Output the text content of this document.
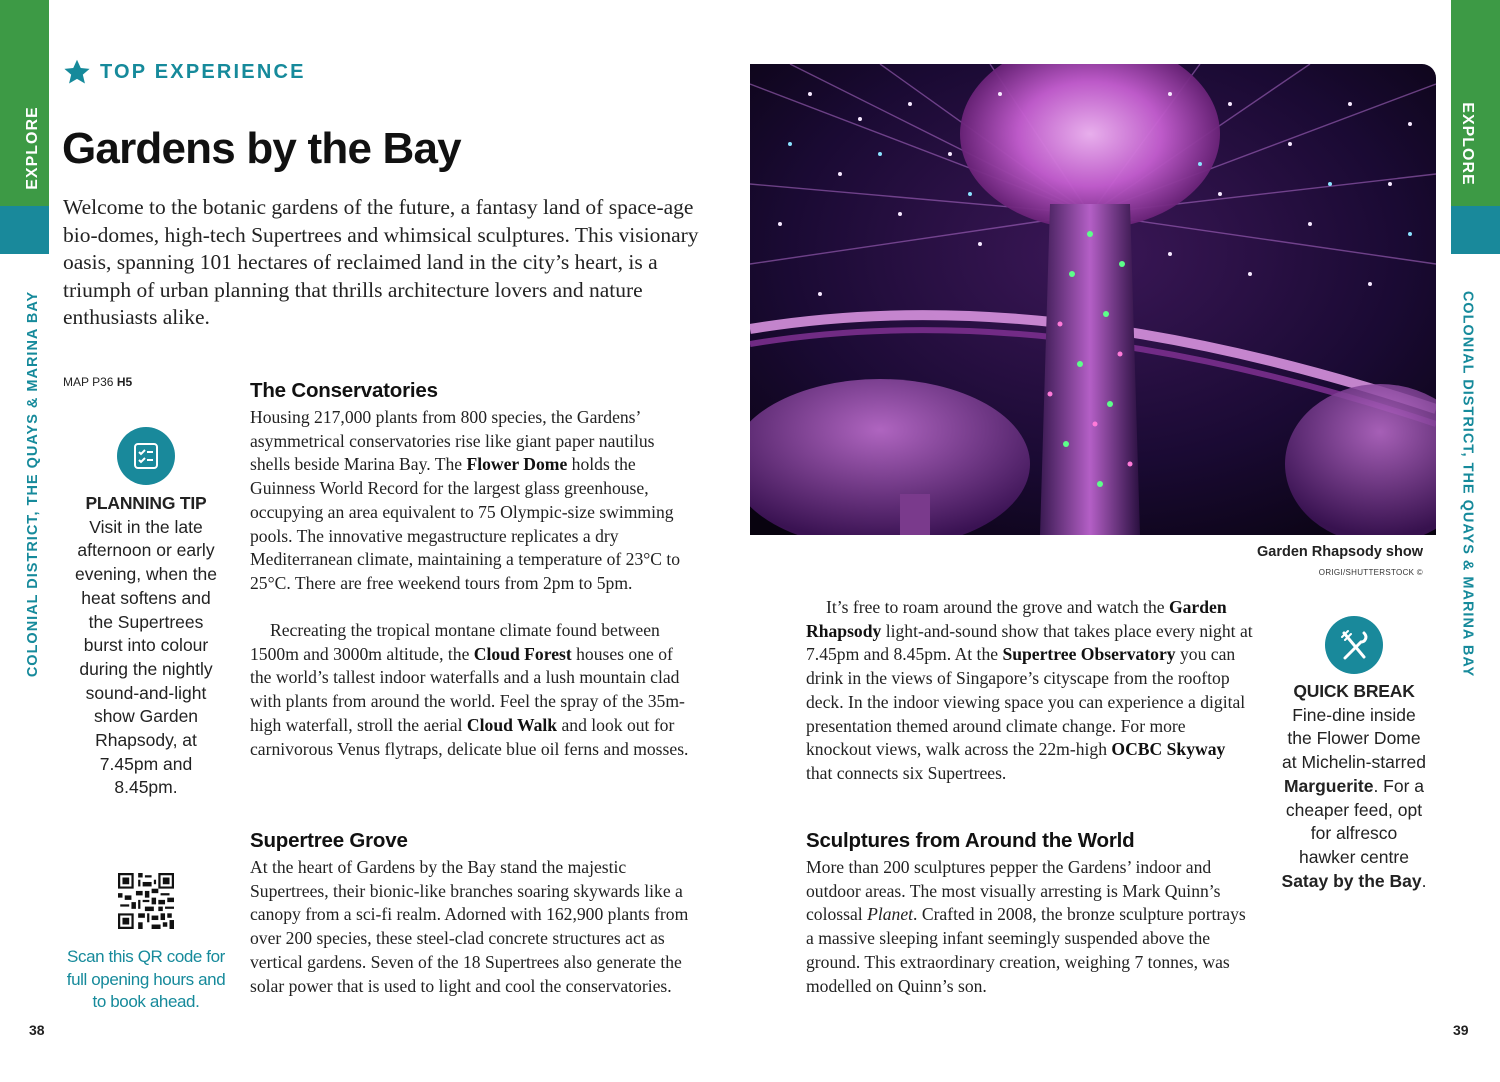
EXPLORE
COLONIAL DISTRICT, THE QUAYS & MARINA BAY
38
TOP EXPERIENCE
Gardens by the Bay

Welcome to the botanic gardens of the future, a fantasy land of space-age bio-domes, high-tech Supertrees and whimsical sculptures. This visionary oasis, spanning 101 hectares of reclaimed land in the city’s heart, is a triumph of urban planning that thrills architecture lovers and nature enthusiasts alike.

MAP P36 H5
PLANNING TIP
Visit in the late afternoon or early evening, when the heat softens and the Supertrees burst into colour during the nightly sound-and-light show Garden Rhapsody, at 7.45pm and 8.45pm.
Scan this QR code for full opening hours and to book ahead.
The Conservatories

Housing 217,000 plants from 800 species, the Gardens’ asymmetrical conservatories rise like giant paper nautilus shells beside Marina Bay. The Flower Dome holds the Guinness World Record for the largest glass greenhouse, occupying an area equivalent to 75 Olympic-size swimming pools. The innovative megastructure replicates a dry Mediterranean climate, maintaining a temperature of 23°C to 25°C. There are free weekend tours from 2pm to 5pm.

Recreating the tropical montane climate found between 1500m and 3000m altitude, the Cloud Forest houses one of the world’s tallest indoor waterfalls and a lush mountain clad with plants from around the world. Feel the spray of the 35m-high waterfall, stroll the aerial Cloud Walk and look out for carnivorous Venus flytraps, delicate blue oil ferns and mosses.

Supertree Grove

At the heart of Gardens by the Bay stand the majestic Supertrees, their bionic-like branches soaring skywards like a canopy from a sci-fi realm. Adorned with 162,900 plants from over 200 species, these steel-clad concrete structures act as vertical gardens. Seven of the 18 Supertrees also generate the solar power that is used to light and cool the conservatories.

EXPLORE
COLONIAL DISTRICT, THE QUAYS & MARINA BAY
39
Garden Rhapsody show
ORIGI/SHUTTERSTOCK ©

It’s free to roam around the grove and watch the Garden Rhapsody light-and-sound show that takes place every night at 7.45pm and 8.45pm. At the Supertree Observatory you can drink in the views of Singapore’s cityscape from the rooftop deck. In the indoor viewing space you can experience a digital presentation themed around climate change. For more knockout views, walk across the 22m-high OCBC Skyway that connects six Supertrees.

Sculptures from Around the World

More than 200 sculptures pepper the Gardens’ indoor and outdoor areas. The most visually arresting is Mark Quinn’s colossal Planet. Crafted in 2008, the bronze sculpture portrays a massive sleeping infant seemingly suspended above the ground. This extraordinary creation, weighing 7 tonnes, was modelled on Quinn’s son.

QUICK BREAK
Fine-dine inside the Flower Dome at Michelin-starred Marguerite. For a cheaper feed, opt for alfresco hawker centre Satay by the Bay.
